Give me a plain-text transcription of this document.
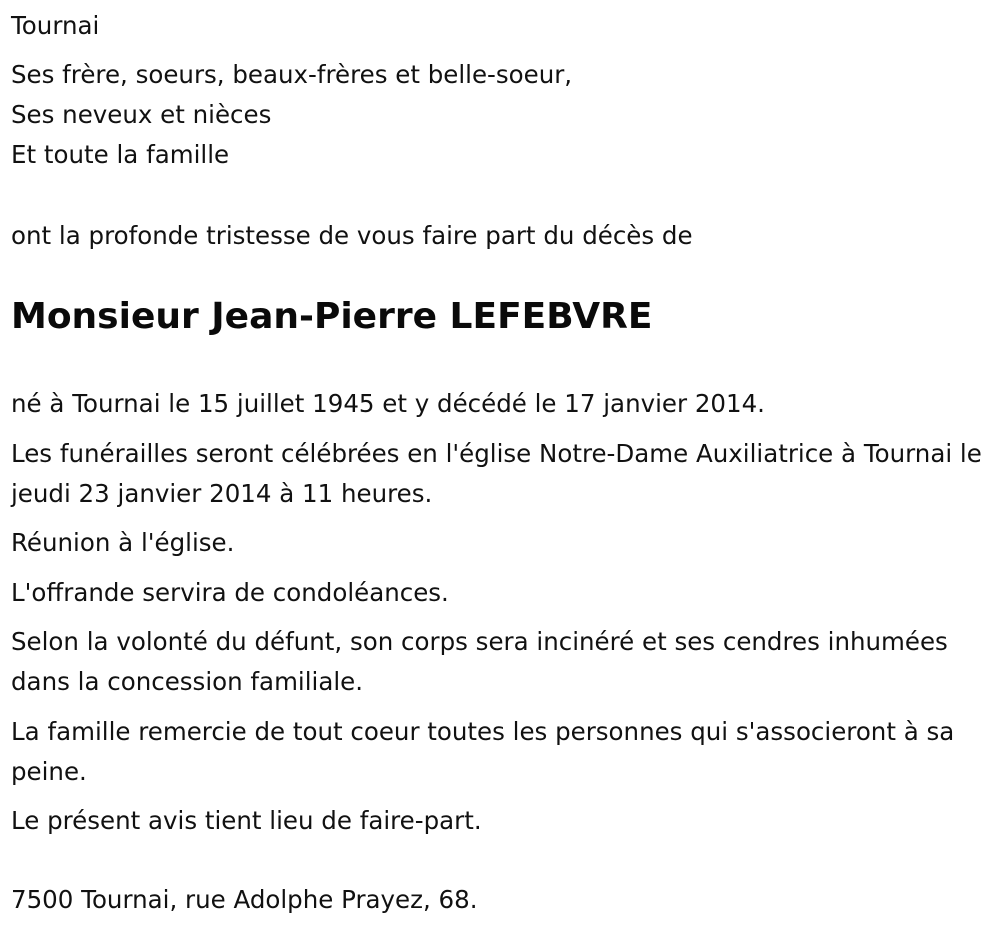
Tournai
Ses frère, soeurs, beaux-frères et belle-soeur,
Ses neveux et nièces
Et toute la famille
ont la profonde tristesse de vous faire part du décès de
Monsieur Jean-Pierre LEFEBVRE

né à Tournai le 15 juillet 1945 et y décédé le 17 janvier 2014.

Les funérailles seront célébrées en l'église Notre-Dame Auxiliatrice à Tournai le jeudi 23 janvier 2014 à 11 heures.

Réunion à l'église.

L'offrande servira de condoléances.

Selon la volonté du défunt, son corps sera incinéré et ses cendres inhumées dans la concession familiale.

La famille remercie de tout coeur toutes les personnes qui s'associeront à sa peine.

Le présent avis tient lieu de faire-part.

7500 Tournai, rue Adolphe Prayez, 68.
